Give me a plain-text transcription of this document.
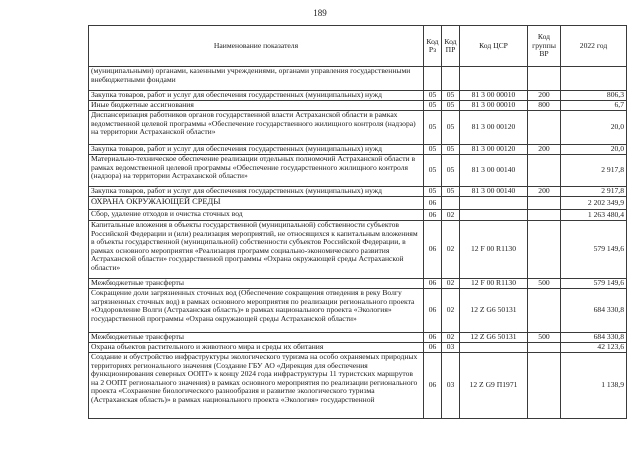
189
Наименование показателя	Код Рз	Код ПР	Код ЦСР	Код группы ВР	2022 год
(муниципальными) органами, казенными учреждениями, органами управления государственными внебюджетными фондами					
Закупка товаров, работ и услуг для обеспечения государственных (муниципальных) нужд	05	05	81 3 00 00010	200	806,3
Иные бюджетные ассигнования	05	05	81 3 00 00010	800	6,7
Диспансеризация работников органов государственной власти Астраханской области в рамках ведомственной целевой программы «Обеспечение государственного жилищного контроля (надзора) на территории Астраханской области»	05	05	81 3 00 00120		20,0
Закупка товаров, работ и услуг для обеспечения государственных (муниципальных) нужд	05	05	81 3 00 00120	200	20,0
Материально-техническое обеспечение реализации отдельных полномочий Астраханской области в рамках ведомственной целевой программы «Обеспечение государственного жилищного контроля (надзора) на территории Астраханской области»	05	05	81 3 00 00140		2 917,8
Закупка товаров, работ и услуг для обеспечения государственных (муниципальных) нужд	05	05	81 3 00 00140	200	2 917,8
ОХРАНА ОКРУЖАЮЩЕЙ СРЕДЫ	06				2 202 349,9
Сбор, удаление отходов и очистка сточных вод	06	02			1 263 480,4
Капитальные вложения в объекты государственной (муниципальной) собственности субъектов Российской Федерации и (или) реализация мероприятий, не относящихся к капитальным вложениям в объекты государственной (муниципальной) собственности субъектов Российской Федерации, в рамках основного мероприятия «Реализация программ социально-экономического развития Астраханской области» государственной программы «Охрана окружающей среды Астраханской области»	06	02	12 F 00 R1130		579 149,6
Межбюджетные трансферты	06	02	12 F 00 R1130	500	579 149,6
Сокращение доли загрязненных сточных вод (Обеспечение сокращения отведения в реку Волгу загрязненных сточных вод) в рамках основного мероприятия по реализации регионального проекта «Оздоровление Волги (Астраханская область)» в рамках национального проекта «Экология» государственной программы «Охрана окружающей среды Астраханской области»	06	02	12 Z G6 50131		684 330,8
Межбюджетные трансферты	06	02	12 Z G6 50131	500	684 330,8
Охрана объектов растительного и животного мира и среды их обитания	06	03			42 123,6
Создание и обустройство инфраструктуры экологического туризма на особо охраняемых природных территориях регионального значения (Создание ГБУ АО «Дирекция для обеспечения функционирования северных ООПТ» к концу 2024 года инфраструктуры 11 туристских маршрутов на 2 ООПТ регионального значения) в рамках основного мероприятия по реализации регионального проекта «Сохранение биологического разнообразия и развитие экологического туризма (Астраханская область)» в рамках национального проекта «Экология» государственной	06	03	12 Z G9 П1971		1 138,9
